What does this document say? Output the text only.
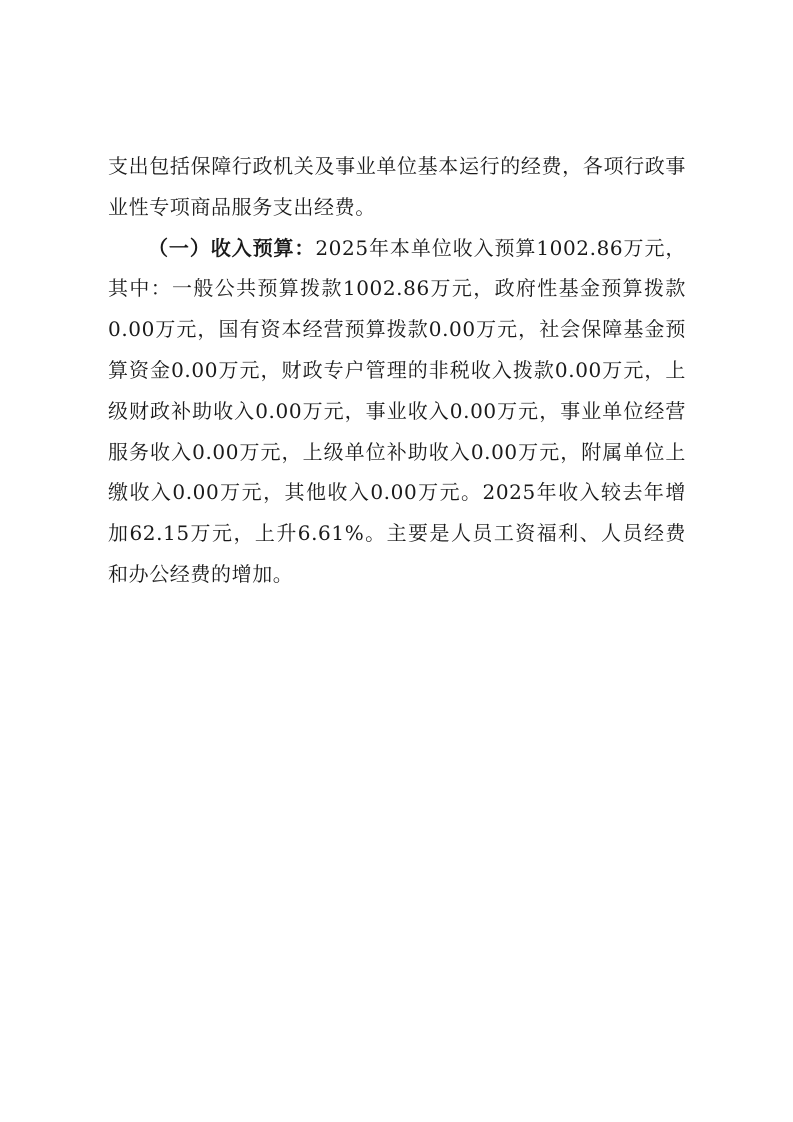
支出包括保障行政机关及事业单位基本运行的经费，各项行政事业性专项商品服务支出经费。

（一）收入预算：2025年本单位收入预算1002.86万元，其中：一般公共预算拨款1002.86万元，政府性基金预算拨款0.00万元，国有资本经营预算拨款0.00万元，社会保障基金预算资金0.00万元，财政专户管理的非税收入拨款0.00万元，上级财政补助收入0.00万元，事业收入0.00万元，事业单位经营服务收入0.00万元，上级单位补助收入0.00万元，附属单位上缴收入0.00万元，其他收入0.00万元。2025年收入较去年增加62.15万元，上升6.61%。主要是人员工资福利、人员经费和办公经费的增加。
